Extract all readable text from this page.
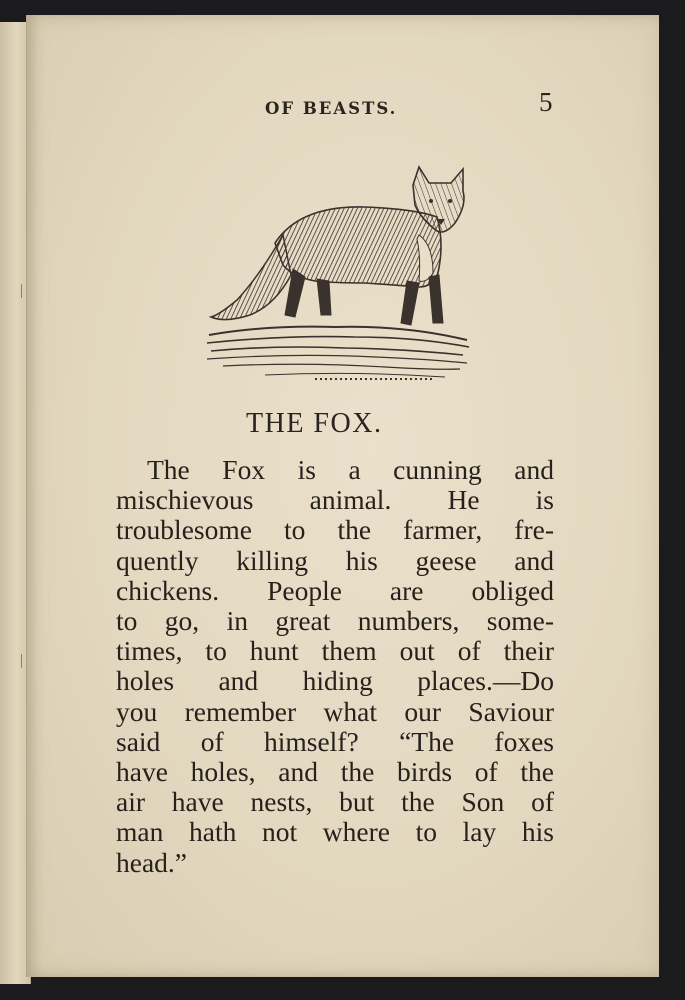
OF BEASTS.	5
THE FOX.
The Fox is a cunning and
mischievous animal. He is
troublesome to the farmer, fre-
quently killing his geese and
chickens. People are obliged
to go, in great numbers, some-
times, to hunt them out of their
holes and hiding places.—Do
you remember what our Saviour
said of himself? “The foxes
have holes, and the birds of the
air have nests, but the Son of
man hath not where to lay his
head.”
